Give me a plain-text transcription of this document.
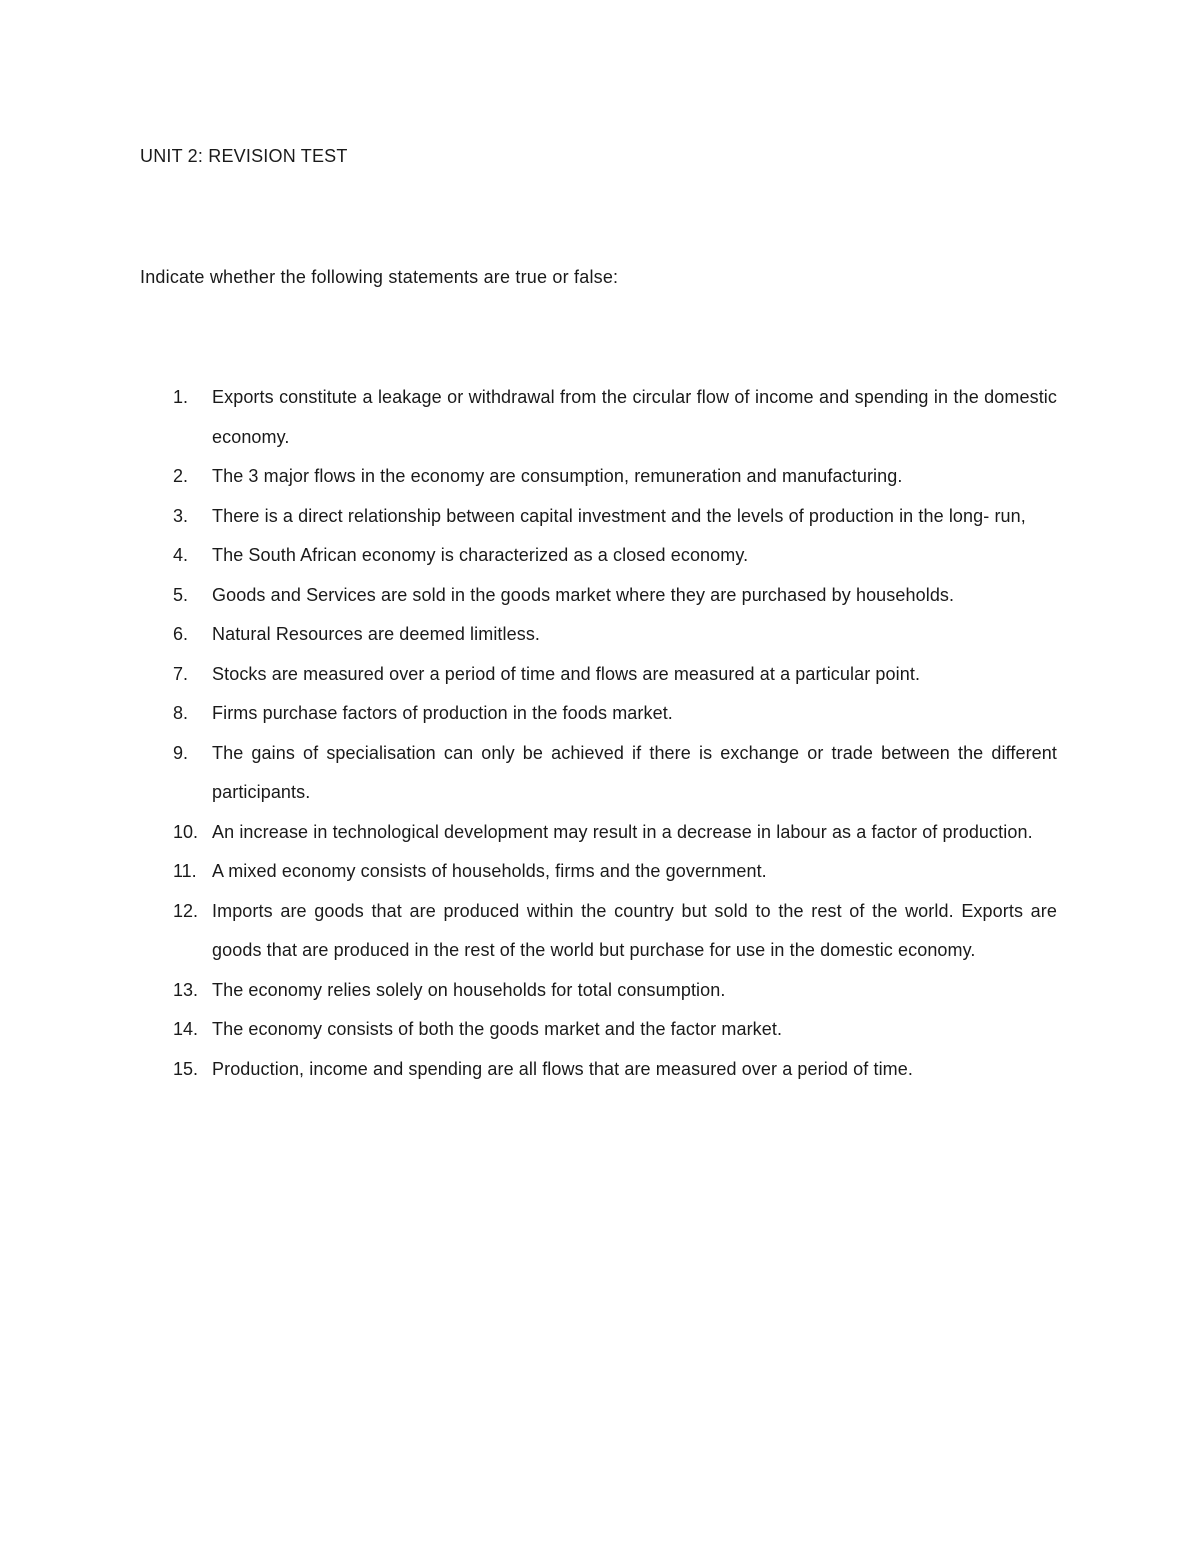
UNIT 2: REVISION TEST

Indicate whether the following statements are true or false:

1.	Exports constitute a leakage or withdrawal from the circular flow of income and spending in the domestic economy.
2.	The 3 major flows in the economy are consumption, remuneration and manufacturing.
3.	There is a direct relationship between capital investment and the levels of production in the long- run,
4.	The South African economy is characterized as a closed economy.
5.	Goods and Services are sold in the goods market where they are purchased by households.
6.	Natural Resources are deemed limitless.
7.	Stocks are measured over a period of time and flows are measured at a particular point.
8.	Firms purchase factors of production in the foods market.
9.	The gains of specialisation can only be achieved if there is exchange or trade between the different participants.
10. An increase in technological development may result in a decrease in labour as a factor of production.
11. A mixed economy consists of households, firms and the government.
12. Imports are goods that are produced within the country but sold to the rest of the world. Exports are goods that are produced in the rest of the world but purchase for use in the domestic economy.
13. The economy relies solely on households for total consumption.
14. The economy consists of both the goods market and the factor market.
15. Production, income and spending are all flows that are measured over a period of time.
